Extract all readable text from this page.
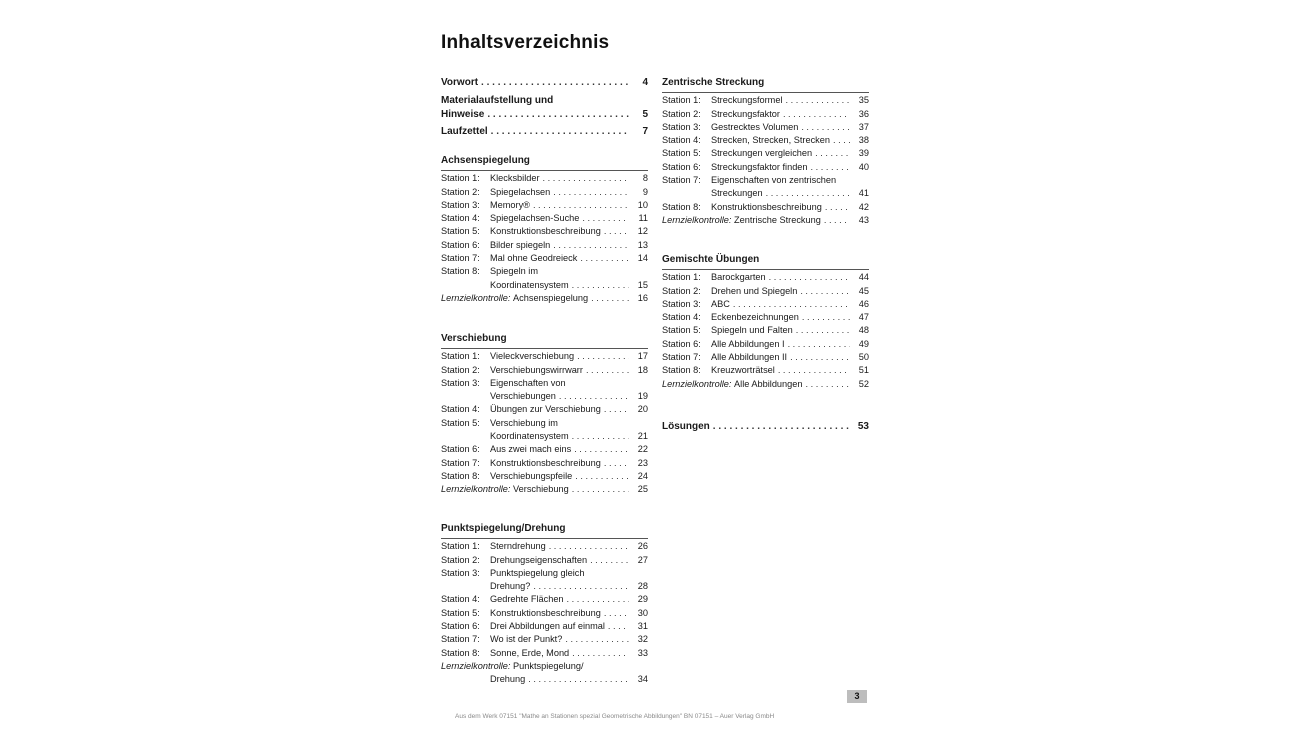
Inhaltsverzeichnis
Vorwort . . .	4
Materialaufstellung und
Hinweise . . .	5
Laufzettel . . .	7
Achsenspiegelung
Station 1:	Klecksbilder . . .	8
Station 2:	Spiegelachsen . . .	9
Station 3:	Memory® . . .	10
Station 4:	Spiegelachsen-Suche . . .	11
Station 5:	Konstruktionsbeschreibung . . .	12
Station 6:	Bilder spiegeln . . .	13
Station 7:	Mal ohne Geodreieck . . .	14
Station 8:	Spiegeln im
Koordinatensystem . . .	15
Lernzielkontrolle:
Achsenspiegelung . . .	16
Verschiebung
Station 1:	Vieleckverschiebung . . .	17
Station 2:	Verschiebungswirrwarr . . .	18
Station 3:	Eigenschaften von
Verschiebungen . . .	19
Station 4:	Übungen zur Verschiebung . . .	20
Station 5:	Verschiebung im
Koordinatensystem . . .	21
Station 6:	Aus zwei mach eins . . .	22
Station 7:	Konstruktionsbeschreibung . . .	23
Station 8:	Verschiebungspfeile . . .	24
Lernzielkontrolle:
Verschiebung . . .	25
Punktspiegelung/Drehung
Station 1:	Sterndrehung . . .	26
Station 2:	Drehungseigenschaften . . .	27
Station 3:	Punktspiegelung gleich
Drehung? . . .	28
Station 4:	Gedrehte Flächen . . .	29
Station 5:	Konstruktionsbeschreibung . . .	30
Station 6:	Drei Abbildungen auf einmal . . .	31
Station 7:	Wo ist der Punkt? . . .	32
Station 8:	Sonne, Erde, Mond . . .	33
Lernzielkontrolle:
Punktspiegelung/
Drehung . . .	34
Zentrische Streckung
Station 1:	Streckungsformel . . .	35
Station 2:	Streckungsfaktor . . .	36
Station 3:	Gestrecktes Volumen . . .	37
Station 4:	Strecken, Strecken, Strecken . . .	38
Station 5:	Streckungen vergleichen . . .	39
Station 6:	Streckungsfaktor finden . . .	40
Station 7:	Eigenschaften von zentrischen
Streckungen . . .	41
Station 8:	Konstruktionsbeschreibung . . .	42
Lernzielkontrolle:
Zentrische Streckung . . .	43
Gemischte Übungen
Station 1:	Barockgarten . . .	44
Station 2:	Drehen und Spiegeln . . .	45
Station 3:	ABC . . .	46
Station 4:	Eckenbezeichnungen . . .	47
Station 5:	Spiegeln und Falten . . .	48
Station 6:	Alle Abbildungen I . . .	49
Station 7:	Alle Abbildungen II . . .	50
Station 8:	Kreuzworträtsel . . .	51
Lernzielkontrolle:
Alle Abbildungen . . .	52
Lösungen . . .	53
3
Aus dem Werk 07151 "Mathe an Stationen spezial Geometrische Abbildungen" BN 07151 – Auer Verlag GmbH
